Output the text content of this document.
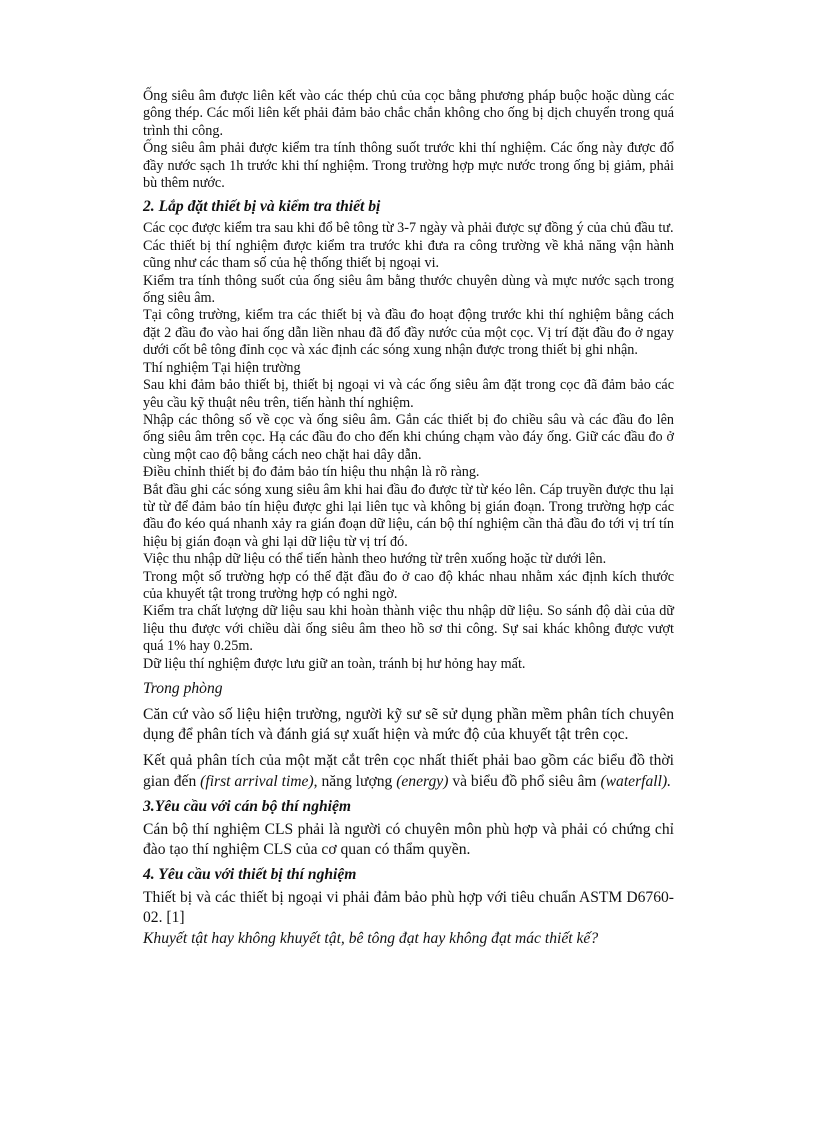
Ống siêu âm được liên kết vào các thép chủ của cọc bằng phương pháp buộc hoặc dùng các gông thép. Các mối liên kết phải đảm bảo chắc chắn không cho ống bị dịch chuyển trong quá trình thi công.

Ống siêu âm phải được kiểm tra tính thông suốt trước khi thí nghiệm. Các ống này được đổ đầy nước sạch 1h trước khi thí nghiệm. Trong trường hợp mực nước trong ống bị giảm, phải bù thêm nước.

2. Lắp đặt thiết bị và kiểm tra thiết bị

Các cọc được kiểm tra sau khi đổ bê tông từ 3-7 ngày và phải được sự đồng ý của chủ đầu tư.

Các thiết bị thí nghiệm được kiểm tra trước khi đưa ra công trường về khả năng vận hành cũng như các tham số của hệ thống thiết bị ngoại vi.

Kiểm tra tính thông suốt của ống siêu âm bằng thước chuyên dùng và mực nước sạch trong ống siêu âm.

Tại công trường, kiểm tra các thiết bị và đầu đo hoạt động trước khi thí nghiệm bằng cách đặt 2 đầu đo vào hai ống dẫn liền nhau đã đổ đầy nước của một cọc. Vị trí đặt đầu đo ở ngay dưới cốt bê tông đỉnh cọc và xác định các sóng xung nhận được trong thiết bị ghi nhận.

Thí nghiệm Tại hiện trường

Sau khi đảm bảo thiết bị, thiết bị ngoại vi và các ống siêu âm đặt trong cọc đã đảm bảo các yêu cầu kỹ thuật nêu trên, tiến hành thí nghiệm.

Nhập các thông số về cọc và ống siêu âm. Gắn các thiết bị đo chiều sâu và các đầu đo lên ống siêu âm trên cọc. Hạ các đầu đo cho đến khi chúng chạm vào đáy ống. Giữ các đầu đo ở cùng một cao độ bằng cách neo chặt hai dây dẫn.

Điều chỉnh thiết bị đo đảm bảo tín hiệu thu nhận là rõ ràng.

Bắt đầu ghi các sóng xung siêu âm khi hai đầu đo được từ từ kéo lên. Cáp truyền được thu lại từ từ để đảm bảo tín hiệu được ghi lại liên tục và không bị gián đoạn. Trong trường hợp các đầu đo kéo quá nhanh xảy ra gián đoạn dữ liệu, cán bộ thí nghiệm cần thả đầu đo tới vị trí tín hiệu bị gián đoạn và ghi lại dữ liệu từ vị trí đó.

Việc thu nhập dữ liệu có thể tiến hành theo hướng từ trên xuống hoặc từ dưới lên.

Trong một số trường hợp có thể đặt đầu đo ở cao độ khác nhau nhằm xác định kích thước của khuyết tật trong trường hợp có nghi ngờ.

Kiểm tra chất lượng dữ liệu sau khi hoàn thành việc thu nhập dữ liệu. So sánh độ dài của dữ liệu thu được với chiều dài ống siêu âm theo hồ sơ thi công. Sự sai khác không được vượt quá 1% hay 0.25m.

Dữ liệu thí nghiệm được lưu giữ an toàn, tránh bị hư hỏng hay mất.

Trong phòng

Căn cứ vào số liệu hiện trường, người kỹ sư sẽ sử dụng phần mềm phân tích chuyên dụng để phân tích và đánh giá sự xuất hiện và mức độ của khuyết tật trên cọc.

Kết quả phân tích của một mặt cắt trên cọc nhất thiết phải bao gồm các biểu đồ thời gian đến (first arrival time), năng lượng (energy) và biểu đồ phổ siêu âm (waterfall).

3.Yêu cầu với cán bộ thí nghiệm

Cán bộ thí nghiệm CLS phải là người có chuyên môn phù hợp và phải có chứng chỉ đào tạo thí nghiệm CLS của cơ quan có thẩm quyền.

4. Yêu cầu với thiết bị thí nghiệm

Thiết bị và các thiết bị ngoại vi phải đảm bảo phù hợp với tiêu chuẩn ASTM D6760-02. [1]

Khuyết tật hay không khuyết tật, bê tông đạt hay không đạt mác thiết kế?
